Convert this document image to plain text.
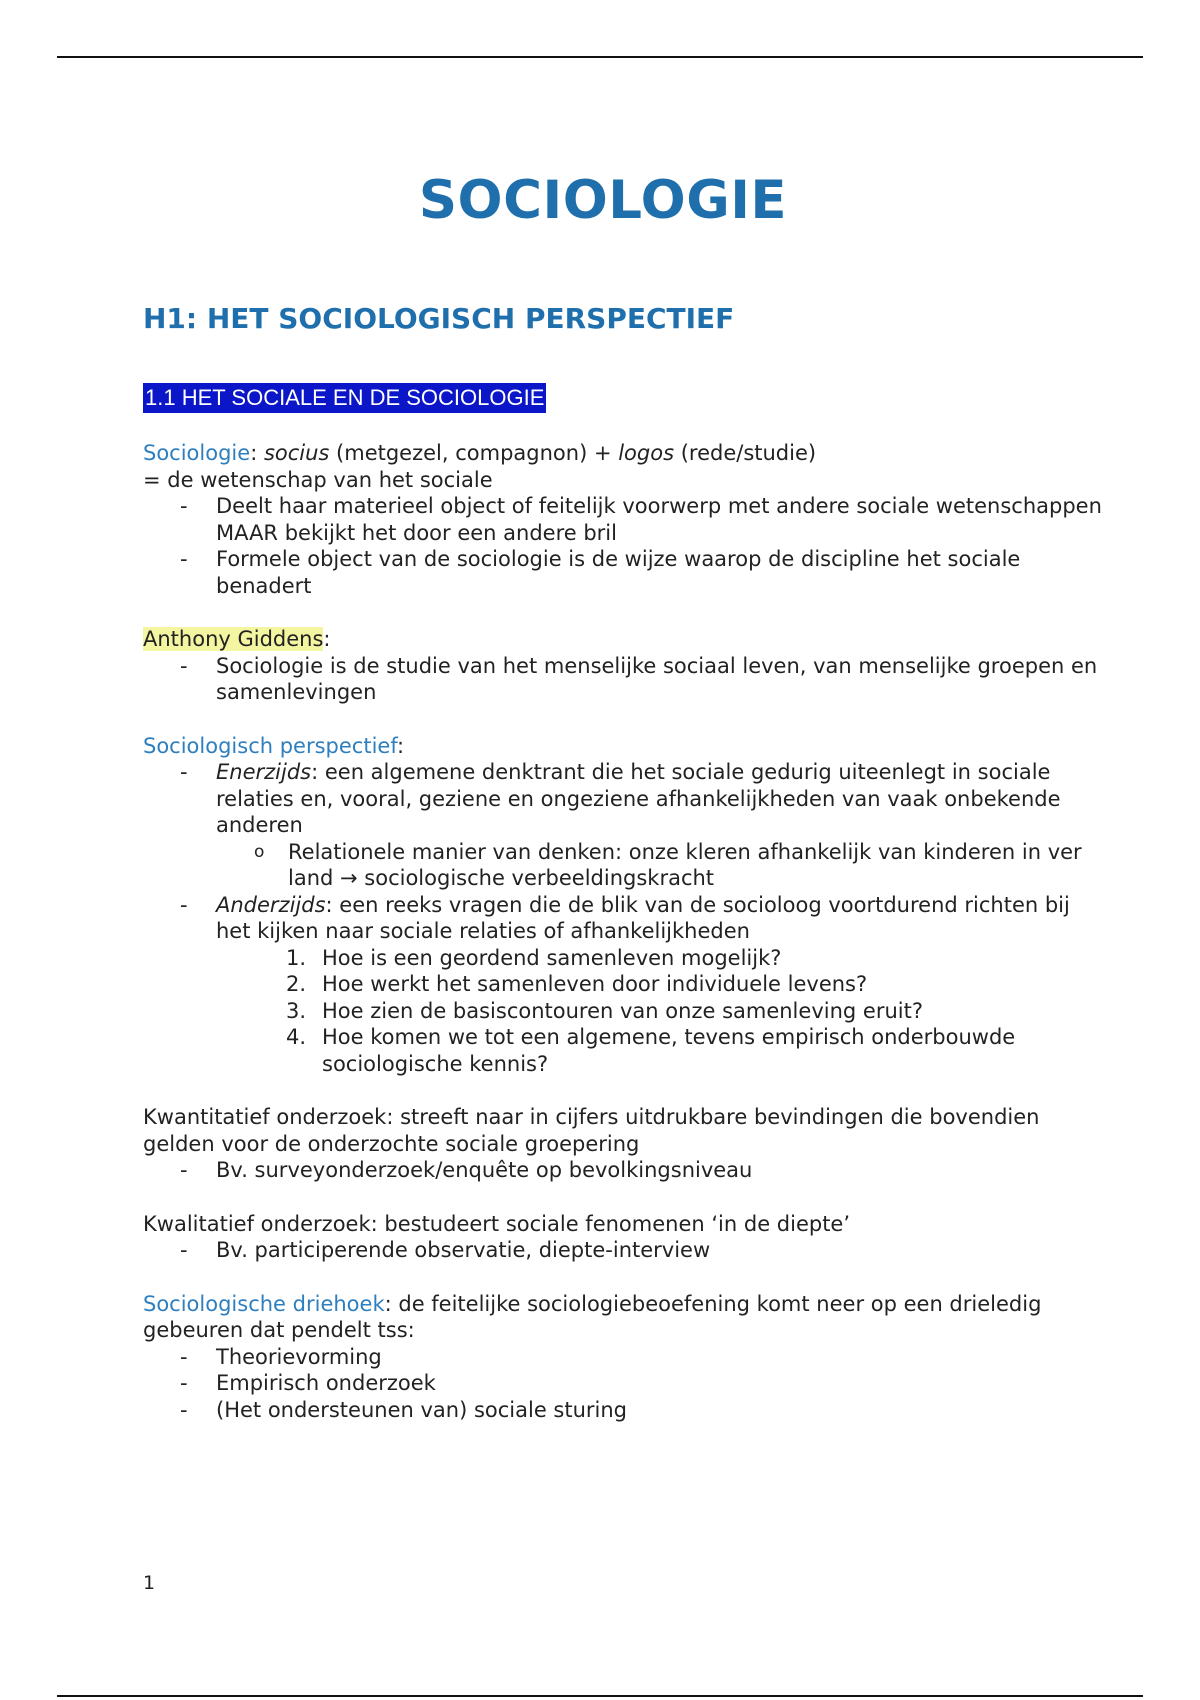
SOCIOLOGIE
H1: HET SOCIOLOGISCH PERSPECTIEF
1.1 HET SOCIALE EN DE SOCIOLOGIE

Sociologie: socius (metgezel, compagnon) + logos (rede/studie)

= de wetenschap van het sociale

- Deelt haar materieel object of feitelijk voorwerp met andere sociale wetenschappen MAAR bekijkt het door een andere bril
- Formele object van de sociologie is de wijze waarop de discipline het sociale benadert

Anthony Giddens:

- Sociologie is de studie van het menselijke sociaal leven, van menselijke groepen en samenlevingen

Sociologisch perspectief:

- Enerzijds: een algemene denktrant die het sociale gedurig uiteenlegt in sociale relaties en, vooral, geziene en ongeziene afhankelijkheden van vaak onbekende anderen
o Relationele manier van denken: onze kleren afhankelijk van kinderen in ver land → sociologische verbeeldingskracht
- Anderzijds: een reeks vragen die de blik van de socioloog voortdurend richten bij het kijken naar sociale relaties of afhankelijkheden
1. Hoe is een geordend samenleven mogelijk?
2. Hoe werkt het samenleven door individuele levens?
3. Hoe zien de basiscontouren van onze samenleving eruit?
4. Hoe komen we tot een algemene, tevens empirisch onderbouwde sociologische kennis?

Kwantitatief onderzoek: streeft naar in cijfers uitdrukbare bevindingen die bovendien gelden voor de onderzochte sociale groepering

- Bv. surveyonderzoek/enquête op bevolkingsniveau

Kwalitatief onderzoek: bestudeert sociale fenomenen ‘in de diepte’

- Bv. participerende observatie, diepte-interview

Sociologische driehoek: de feitelijke sociologiebeoefening komt neer op een drieledig gebeuren dat pendelt tss:

- Theorievorming
- Empirisch onderzoek
- (Het ondersteunen van) sociale sturing
1
